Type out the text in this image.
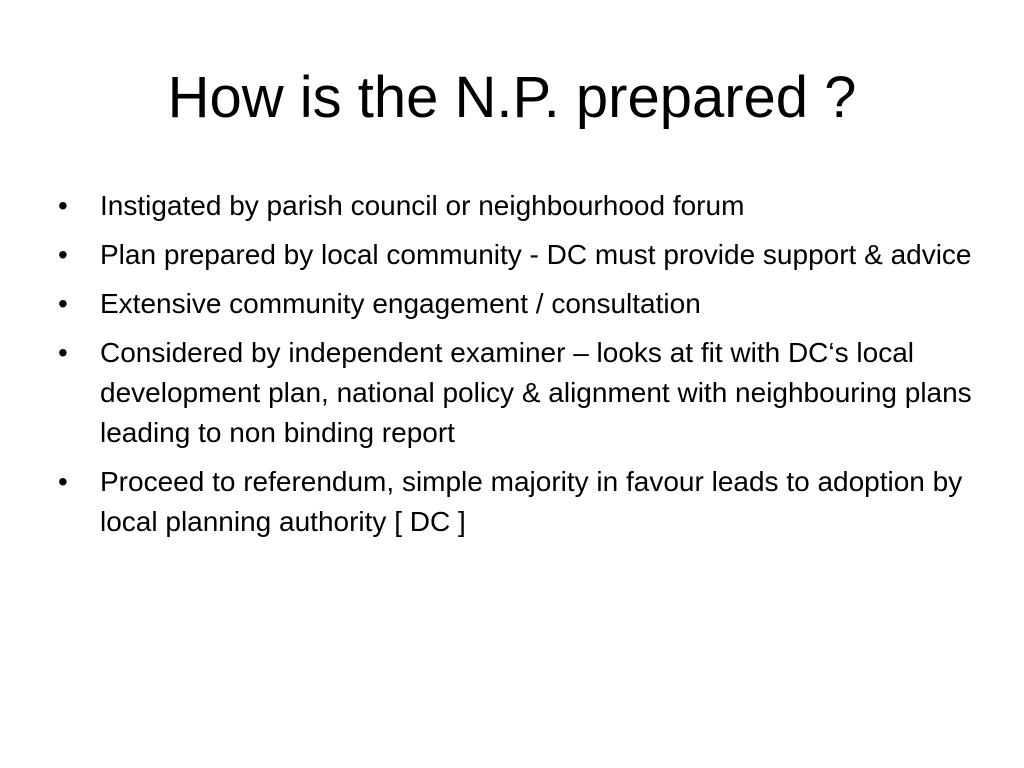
How is the N.P. prepared ?
•	Instigated by parish council or neighbourhood forum
•	Plan prepared by local community - DC must provide support & advice
•	Extensive community engagement / consultation
•	Considered by independent examiner – looks at fit with DC‘s local development plan, national policy & alignment with neighbouring plans leading to non binding report
•	Proceed to referendum, simple majority in favour leads to adoption by local planning authority [ DC ]
